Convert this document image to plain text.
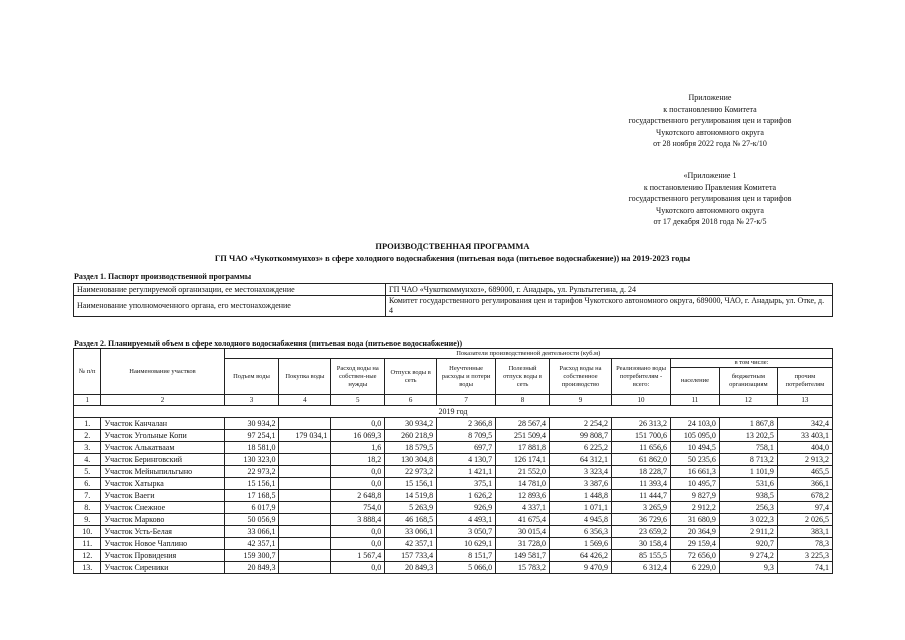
Приложение
к постановлению Комитета
государственного регулирования цен и тарифов
Чукотского автономного округа
от 28 ноября 2022 года № 27-к/10
«Приложение 1
к постановлению Правления Комитета
государственного регулирования цен и тарифов
Чукотского автономного округа
от 17 декабря 2018 года № 27-к/5
ПРОИЗВОДСТВЕННАЯ ПРОГРАММА
ГП ЧАО «Чукоткоммунхоз» в сфере холодного водоснабжения (питьевая вода (питьевое водоснабжение)) на 2019-2023 годы
Раздел 1. Паспорт производственной программы
Наименование регулируемой организации, ее местонахождение	ГП ЧАО «Чукоткоммунхоз», 689000, г. Анадырь, ул. Рультытегина, д. 24
Наименование уполномоченного органа, его местонахождение	Комитет государственного регулирования цен и тарифов Чукотского автономного округа, 689000, ЧАО, г. Анадырь, ул. Отке, д. 4
Раздел 2. Планируемый объем в сфере холодного водоснабжения (питьевая вода (питьевое водоснабжение))
№ п/п	Наименование участков	Показатели производственной деятельности (куб.м)										
		Подъем воды	Покупка воды	Расход воды на собствен-ные нужды	Отпуск воды в сеть	Неучтенные расходы и потери воды	Полезный отпуск воды в сеть	Расход воды на собственное производство	Реализовано воды потребителям - всего:	в том числе:		
										население	бюджетным организациям	прочим потребителям
1	2	3	4	5	6	7	8	9	10	11	12	13
2019 год												
1.	Участок Канчалан	30 934,2		0,0	30 934,2	2 366,8	28 567,4	2 254,2	26 313,2	24 103,0	1 867,8	342,4
2.	Участок Угольные Копи	97 254,1	179 034,1	16 069,3	260 218,9	8 709,5	251 509,4	99 808,7	151 700,6	105 095,0	13 202,5	33 403,1
3.	Участок Алькатваам	18 581,0		1,6	18 579,5	697,7	17 881,8	6 225,2	11 656,6	10 494,5	758,1	404,0
4.	Участок Беринговский	130 323,0		18,2	130 304,8	4 130,7	126 174,1	64 312,1	61 862,0	50 235,6	8 713,2	2 913,2
5.	Участок Мейныпильгыно	22 973,2		0,0	22 973,2	1 421,1	21 552,0	3 323,4	18 228,7	16 661,3	1 101,9	465,5
6.	Участок Хатырка	15 156,1		0,0	15 156,1	375,1	14 781,0	3 387,6	11 393,4	10 495,7	531,6	366,1
7.	Участок Ваеги	17 168,5		2 648,8	14 519,8	1 626,2	12 893,6	1 448,8	11 444,7	9 827,9	938,5	678,2
8.	Участок Снежное	6 017,9		754,0	5 263,9	926,9	4 337,1	1 071,1	3 265,9	2 912,2	256,3	97,4
9.	Участок Марково	50 056,9		3 888,4	46 168,5	4 493,1	41 675,4	4 945,8	36 729,6	31 680,9	3 022,3	2 026,5
10.	Участок Усть-Белая	33 066,1		0,0	33 066,1	3 050,7	30 015,4	6 356,3	23 659,2	20 364,9	2 911,2	383,1
11.	Участок Новое Чаплино	42 357,1		0,0	42 357,1	10 629,1	31 728,0	1 569,6	30 158,4	29 159,4	920,7	78,3
12.	Участок Провидения	159 300,7		1 567,4	157 733,4	8 151,7	149 581,7	64 426,2	85 155,5	72 656,0	9 274,2	3 225,3
13.	Участок Сиреники	20 849,3		0,0	20 849,3	5 066,0	15 783,2	9 470,9	6 312,4	6 229,0	9,3	74,1
